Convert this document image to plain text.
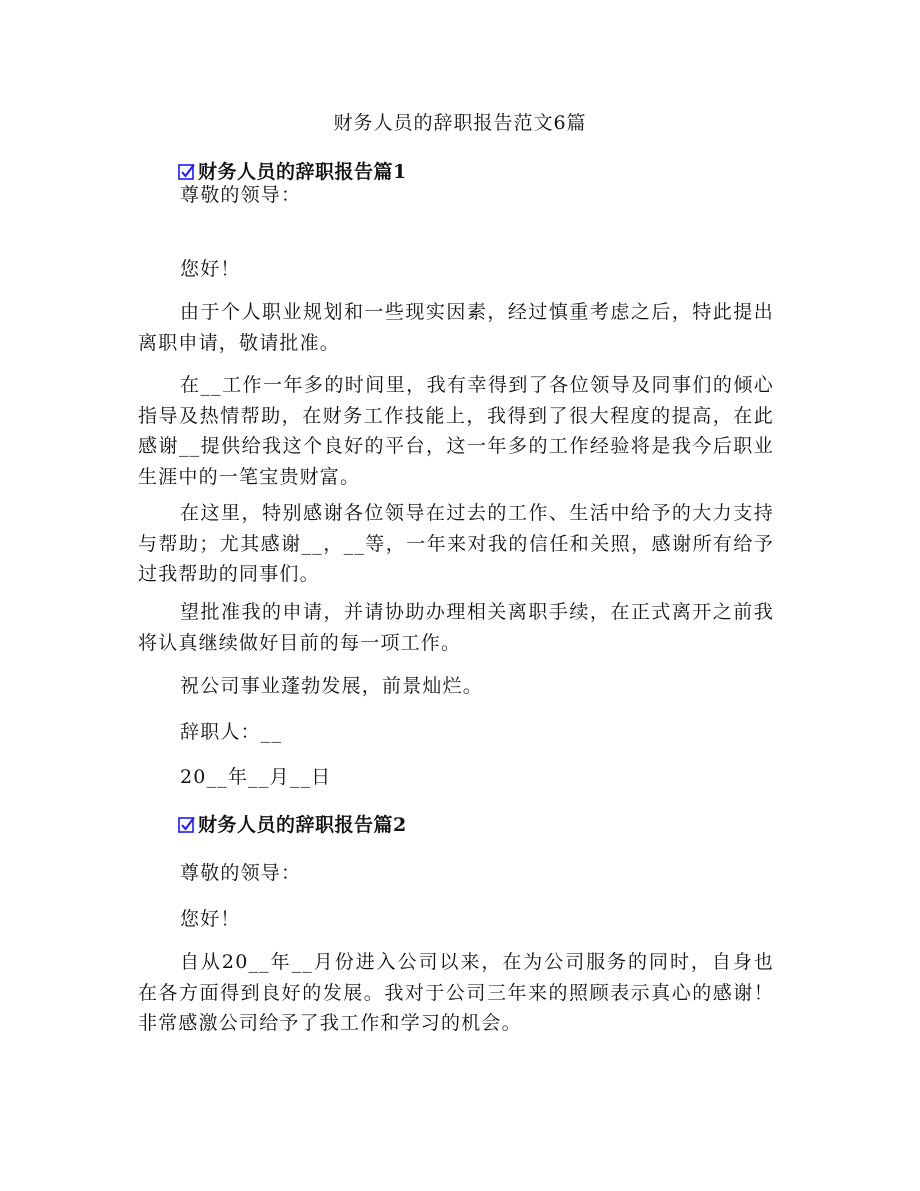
财务人员的辞职报告范文6篇
财务人员的辞职报告篇1

尊敬的领导：

您好！

由于个人职业规划和一些现实因素，经过慎重考虑之后，特此提出离职申请，敬请批准。

在__工作一年多的时间里，我有幸得到了各位领导及同事们的倾心指导及热情帮助，在财务工作技能上，我得到了很大程度的提高，在此感谢__提供给我这个良好的平台，这一年多的工作经验将是我今后职业生涯中的一笔宝贵财富。

在这里，特别感谢各位领导在过去的工作、生活中给予的大力支持与帮助；尤其感谢__，__等，一年来对我的信任和关照，感谢所有给予过我帮助的同事们。

望批准我的申请，并请协助办理相关离职手续，在正式离开之前我将认真继续做好目前的每一项工作。

祝公司事业蓬勃发展，前景灿烂。

辞职人：__

20__年__月__日

财务人员的辞职报告篇2

尊敬的领导：

您好！

自从20__年__月份进入公司以来，在为公司服务的同时，自身也在各方面得到良好的发展。我对于公司三年来的照顾表示真心的感谢！非常感激公司给予了我工作和学习的机会。
